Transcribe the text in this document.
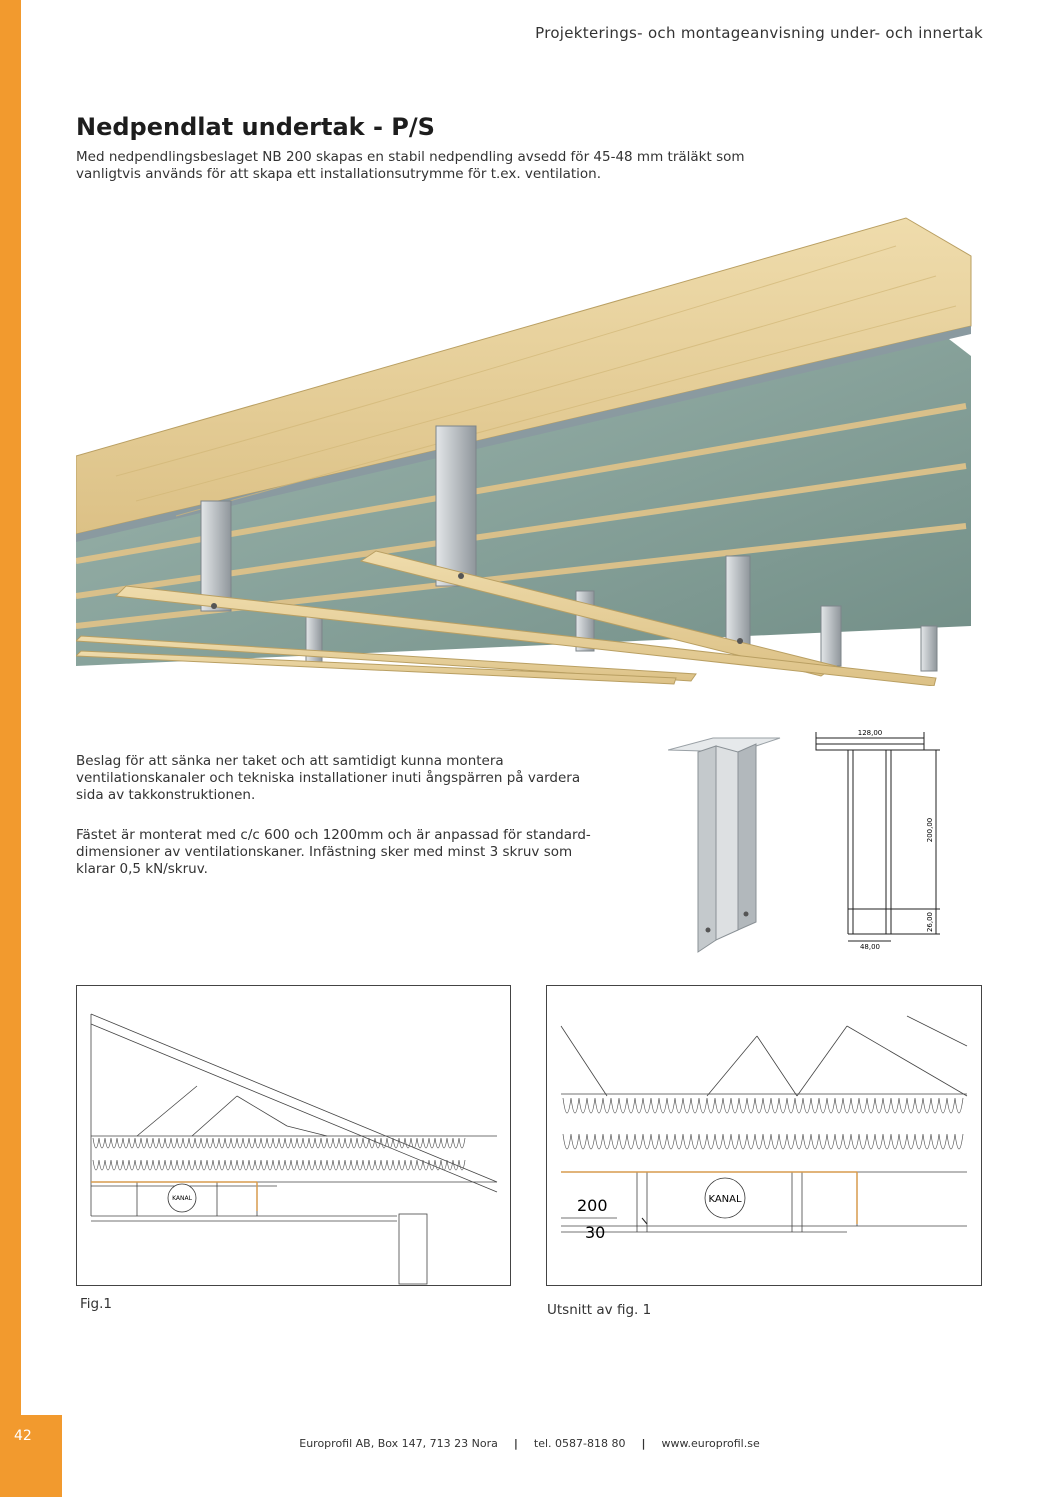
42
Projekterings- och montageanvisning under- och innertak
Nedpendlat undertak - P/S

Med nedpendlingsbeslaget NB 200 skapas en stabil nedpendling avsedd för 45-48 mm träläkt som
vanligtvis används för att skapa ett installationsutrymme för t.ex. ventilation.

Beslag för att sänka ner taket och att samtidigt kunna montera
ventilationskanaler och tekniska installationer inuti ångspärren på vardera
sida av takkonstruktionen.

Fästet är monterat med c/c 600 och 1200mm och är anpassad för standard-
dimensioner av ventilationskaner. Infästning sker med minst 3 skruv som
klarar 0,5 kN/skruv.

128,00
48,00
200,00
26,00
KANAL
Fig.1
KANAL
200
30
Utsnitt av fig. 1
Europrofil AB, Box 147, 713 23 Nora | tel. 0587-818 80 | www.europrofil.se
